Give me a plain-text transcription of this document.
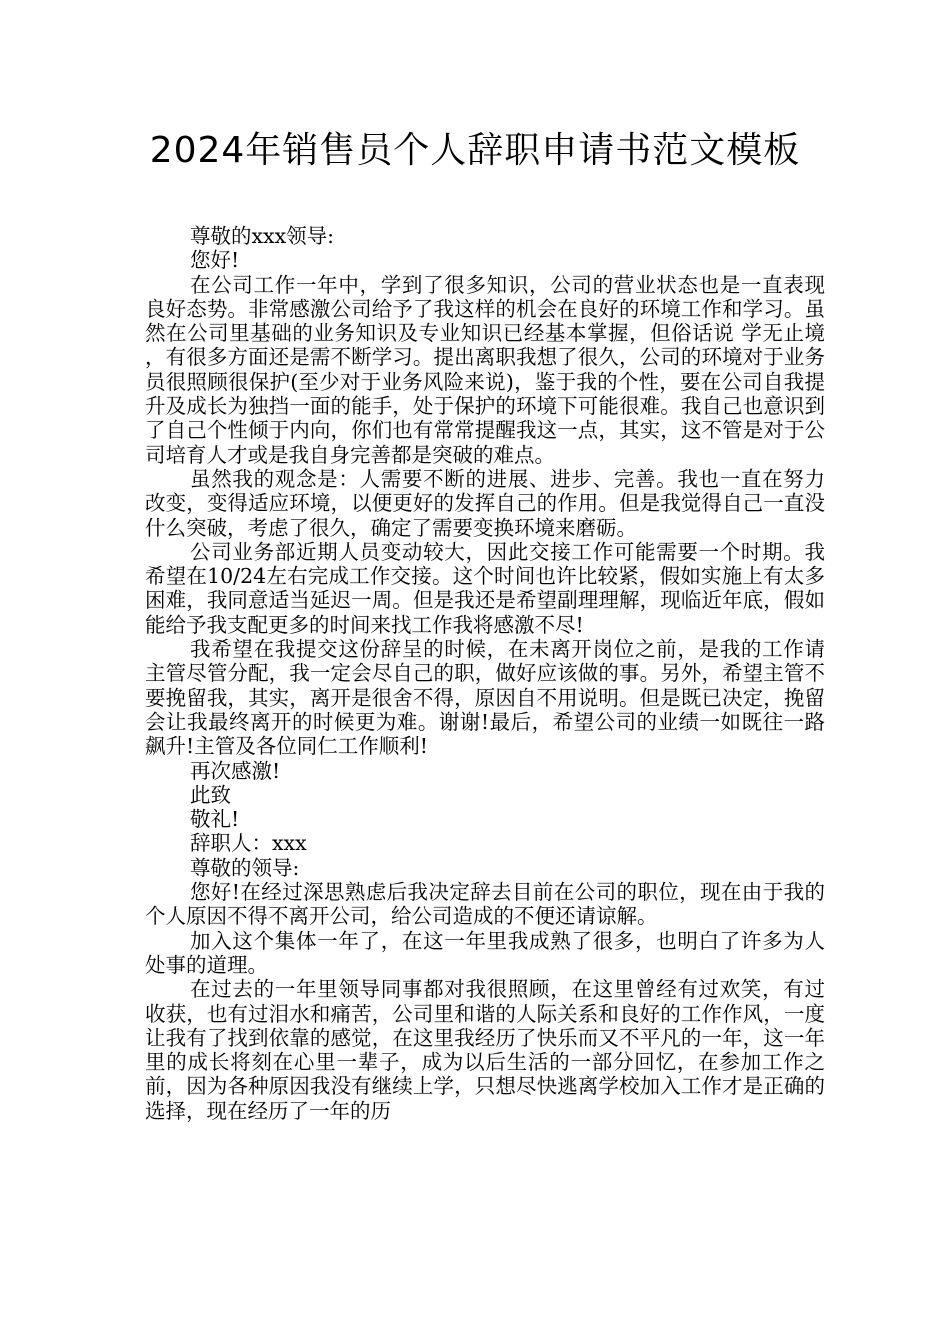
2024年销售员个人辞职申请书范文模板

尊敬的xxx领导:

您好!

在公司工作一年中，学到了很多知识，公司的营业状态也是一直表现良好态势。非常感激公司给予了我这样的机会在良好的环境工作和学习。虽然在公司里基础的业务知识及专业知识已经基本掌握，但俗话说 学无止境 ，有很多方面还是需不断学习。提出离职我想了很久，公司的环境对于业务员很照顾很保护(至少对于业务风险来说)，鉴于我的个性，要在公司自我提升及成长为独挡一面的能手，处于保护的环境下可能很难。我自己也意识到了自己个性倾于内向，你们也有常常提醒我这一点，其实，这不管是对于公司培育人才或是我自身完善都是突破的难点。

虽然我的观念是：人需要不断的进展、进步、完善。我也一直在努力改变，变得适应环境，以便更好的发挥自己的作用。但是我觉得自己一直没什么突破，考虑了很久，确定了需要变换环境来磨砺。

公司业务部近期人员变动较大，因此交接工作可能需要一个时期。我希望在10/24左右完成工作交接。这个时间也许比较紧，假如实施上有太多困难，我同意适当延迟一周。但是我还是希望副理理解，现临近年底，假如能给予我支配更多的时间来找工作我将感激不尽!

我希望在我提交这份辞呈的时候，在未离开岗位之前，是我的工作请主管尽管分配，我一定会尽自己的职，做好应该做的事。另外，希望主管不要挽留我，其实，离开是很舍不得，原因自不用说明。但是既已决定，挽留会让我最终离开的时候更为难。谢谢!最后，希望公司的业绩一如既往一路飙升!主管及各位同仁工作顺利!

再次感激!

此致

敬礼!

辞职人：xxx

尊敬的领导:

您好!在经过深思熟虑后我决定辞去目前在公司的职位，现在由于我的个人原因不得不离开公司，给公司造成的不便还请谅解。

加入这个集体一年了，在这一年里我成熟了很多，也明白了许多为人处事的道理。

在过去的一年里领导同事都对我很照顾，在这里曾经有过欢笑，有过收获，也有过泪水和痛苦，公司里和谐的人际关系和良好的工作作风，一度让我有了找到依靠的感觉，在这里我经历了快乐而又不平凡的一年，这一年里的成长将刻在心里一辈子，成为以后生活的一部分回忆，在参加工作之前，因为各种原因我没有继续上学，只想尽快逃离学校加入工作才是正确的选择，现在经历了一年的历
